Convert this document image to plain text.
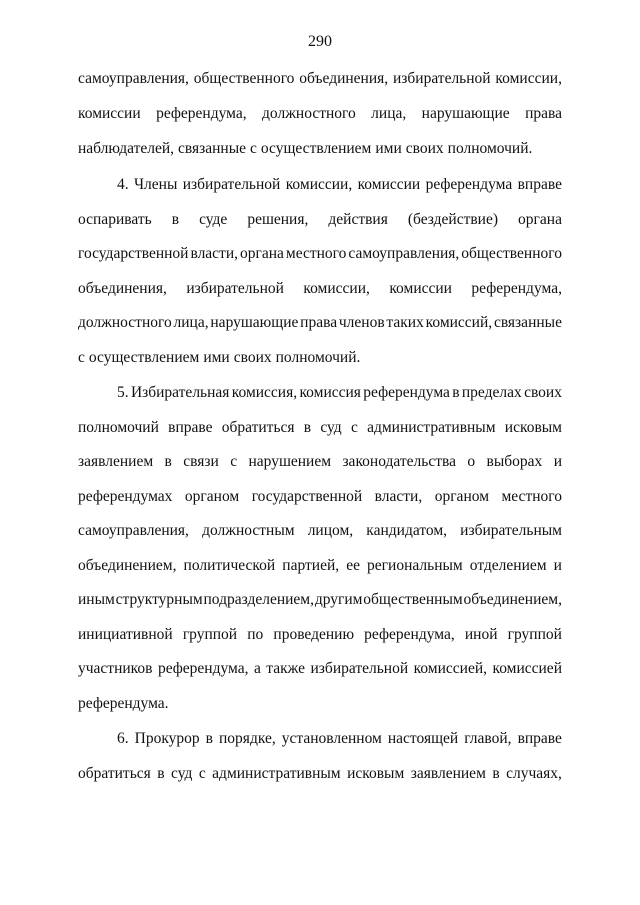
290
самоуправления, общественного объединения, избирательной комиссии,
комиссии референдума, должностного лица, нарушающие права
наблюдателей, связанные с осуществлением ими своих полномочий.
4. Члены избирательной комиссии, комиссии референдума вправе
оспаривать в суде решения, действия (бездействие) органа
государственной власти, органа местного самоуправления, общественного
объединения, избирательной комиссии, комиссии референдума,
должностного лица, нарушающие права членов таких комиссий, связанные
с осуществлением ими своих полномочий.
5. Избирательная комиссия, комиссия референдума в пределах своих
полномочий вправе обратиться в суд с административным исковым
заявлением в связи с нарушением законодательства о выборах и
референдумах органом государственной власти, органом местного
самоуправления, должностным лицом, кандидатом, избирательным
объединением, политической партией, ее региональным отделением и
иным структурным подразделением, другим общественным объединением,
инициативной группой по проведению референдума, иной группой
участников референдума, а также избирательной комиссией, комиссией
референдума.
6. Прокурор в порядке, установленном настоящей главой, вправе
обратиться в суд с административным исковым заявлением в случаях,
